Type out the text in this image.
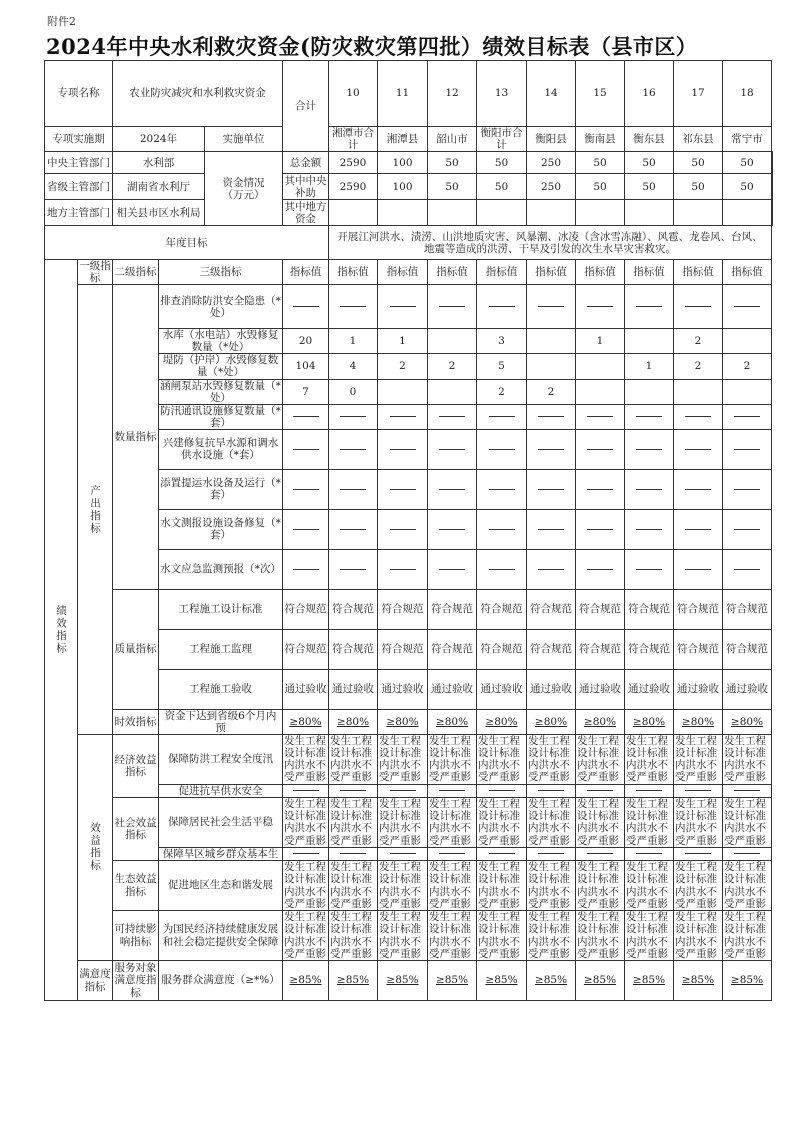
附件2
2024年中央水利救灾资金(防灾救灾第四批）绩效目标表（县市区）
专项名称		农业防灾减灾和水利救灾资金			合计	10	11	12	13	14	15	16	17	18	
专项实施期		2024年		实施单位		湘潭市合计	湘潭县	韶山市	衡阳市合计	衡阳县	衡南县	衡东县	祁东县	常宁市	
中央主管部门		水利部		资金情况（万元）	总金额	2590	100	50	50	250	50	50	50	50	
省级主管部门		湖南省水利厅			其中中央补助	2590	100	50	50	250	50	50	50	50	
地方主管部门		相关县市区水利局			其中地方资金										
年度目标						开展江河洪水、渍涝、山洪地质灾害、风暴潮、冰凌（含冰雪冻融）、风雹、龙卷风、台风、地震等造成的洪涝、干旱及引发的次生水旱灾害救灾。									
绩效指标	一级指标	二级指标	三级指标		指标值	指标值	指标值	指标值	指标值	指标值	指标值	指标值	指标值	指标值	
	产出指标	数量指标	排查消除防洪安全隐患（*处）												
			水库（水电站）水毁修复数量（*处）		20	1	1		3		1		2		
			堤防（护岸）水毁修复数量（*处）		104	4	2	2	5			1	2	2	
			涵闸泵站水毁修复数量（*处）		7	0			2	2					
			防汛通讯设施修复数量（*套）												
			兴建修复抗旱水源和调水供水设施（*套）												
			添置提运水设备及运行（*套）												
			水文测报设施设备修复（*套）												
			水文应急监测预报（*次）												
		质量指标	工程施工设计标准		符合规范	符合规范	符合规范	符合规范	符合规范	符合规范	符合规范	符合规范	符合规范	符合规范	
			工程施工监理		符合规范	符合规范	符合规范	符合规范	符合规范	符合规范	符合规范	符合规范	符合规范	符合规范	
			工程施工验收		通过验收	通过验收	通过验收	通过验收	通过验收	通过验收	通过验收	通过验收	通过验收	通过验收	
		时效指标	资金下达到省级6个月内预		≥80%	≥80%	≥80%	≥80%	≥80%	≥80%	≥80%	≥80%	≥80%	≥80%	
	效益指标	经济效益指标	保障防洪工程安全度汛		发生工程设计标准内洪水不受严重影	发生工程设计标准内洪水不受严重影	发生工程设计标准内洪水不受严重影	发生工程设计标准内洪水不受严重影	发生工程设计标准内洪水不受严重影	发生工程设计标准内洪水不受严重影	发生工程设计标准内洪水不受严重影	发生工程设计标准内洪水不受严重影	发生工程设计标准内洪水不受严重影	发生工程设计标准内洪水不受严重影	
			促进抗旱供水安全												
		社会效益指标	保障居民社会生活平稳		发生工程设计标准内洪水不受严重影	发生工程设计标准内洪水不受严重影	发生工程设计标准内洪水不受严重影	发生工程设计标准内洪水不受严重影	发生工程设计标准内洪水不受严重影	发生工程设计标准内洪水不受严重影	发生工程设计标准内洪水不受严重影	发生工程设计标准内洪水不受严重影	发生工程设计标准内洪水不受严重影	发生工程设计标准内洪水不受严重影	
			保障旱区城乡群众基本生												
		生态效益指标	促进地区生态和谐发展		发生工程设计标准内洪水不受严重影	发生工程设计标准内洪水不受严重影	发生工程设计标准内洪水不受严重影	发生工程设计标准内洪水不受严重影	发生工程设计标准内洪水不受严重影	发生工程设计标准内洪水不受严重影	发生工程设计标准内洪水不受严重影	发生工程设计标准内洪水不受严重影	发生工程设计标准内洪水不受严重影	发生工程设计标准内洪水不受严重影	
		可持续影响指标	为国民经济持续健康发展和社会稳定提供安全保障		发生工程设计标准内洪水不受严重影	发生工程设计标准内洪水不受严重影	发生工程设计标准内洪水不受严重影	发生工程设计标准内洪水不受严重影	发生工程设计标准内洪水不受严重影	发生工程设计标准内洪水不受严重影	发生工程设计标准内洪水不受严重影	发生工程设计标准内洪水不受严重影	发生工程设计标准内洪水不受严重影	发生工程设计标准内洪水不受严重影	
	满意度指标	服务对象满意度指标	服务群众满意度（≥*%）		≥85%	≥85%	≥85%	≥85%	≥85%	≥85%	≥85%	≥85%	≥85%	≥85%	
